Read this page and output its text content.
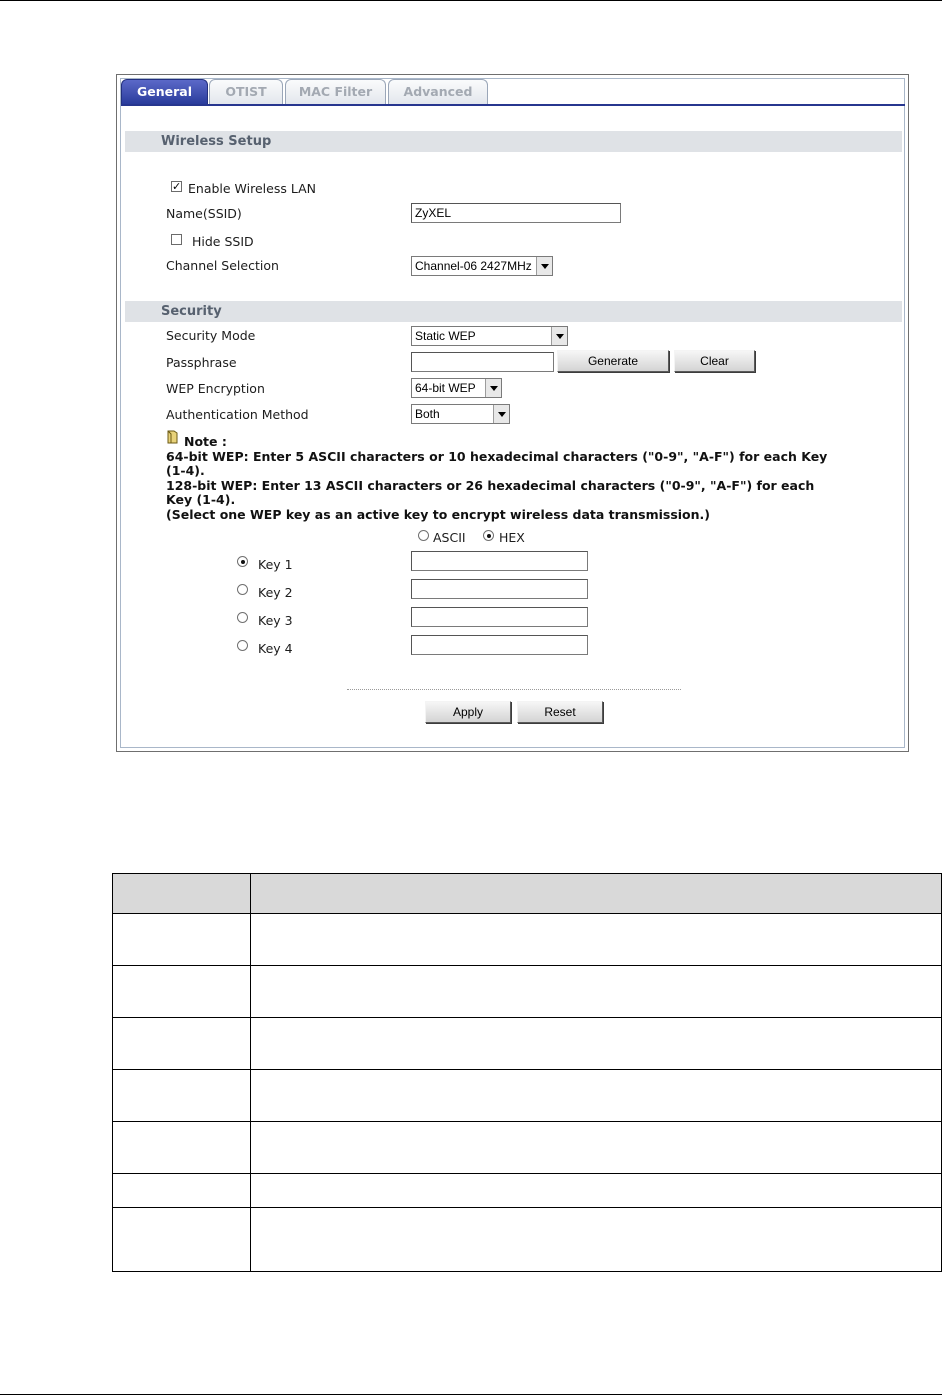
General	OTIST	MAC Filter	Advanced
Wireless Setup
✓ Enable Wireless LAN
Name(SSID)	ZyXEL
Hide SSID
Channel Selection	Channel-06 2427MHz
Security
Security Mode	Static WEP
Passphrase	Generate	Clear
WEP Encryption	64-bit WEP
Authentication Method	Both
Note :
64-bit WEP: Enter 5 ASCII characters or 10 hexadecimal characters ("0-9", "A-F") for each Key
(1-4).
128-bit WEP: Enter 13 ASCII characters or 26 hexadecimal characters ("0-9", "A-F") for each
Key (1-4).
(Select one WEP key as an active key to encrypt wireless data transmission.)
ASCII	HEX
Key 1
Key 2
Key 3
Key 4
Apply	Reset
